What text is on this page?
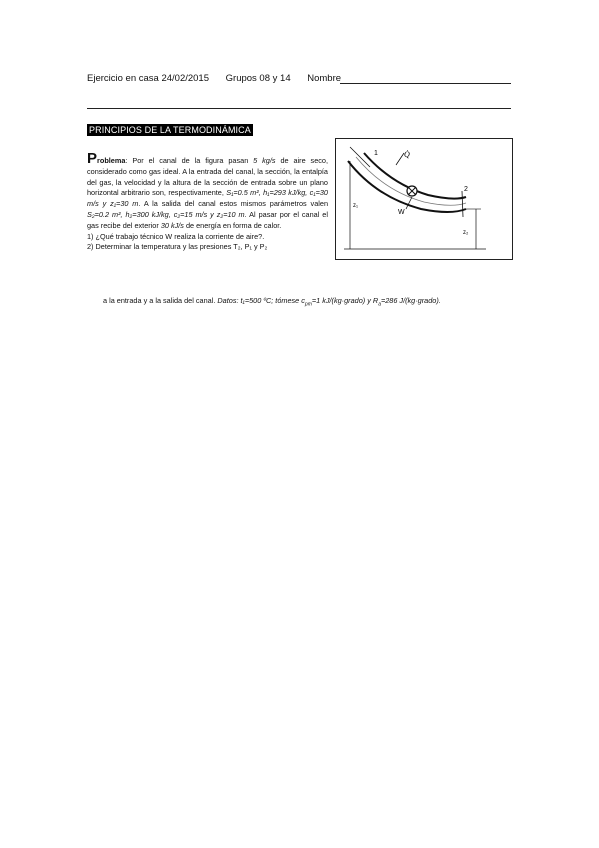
Ejercicio en casa 24/02/2015 Grupos 08 y 14 Nombre
PRINCIPIOS DE LA TERMODINÁMICA
Problema: Por el canal de la figura pasan 5 kg/s de aire seco, considerado como gas ideal. A la entrada del canal, la sección, la entalpía del gas, la velocidad y la altura de la sección de entrada sobre un plano horizontal arbitrario son, respectivamente, S₁=0.5 m², h₁=293 kJ/kg, c₁=30 m/s y z₁=30 m. A la salida del canal estos mismos parámetros valen S₂=0.2 m², h₂=300 kJ/kg, c₂=15 m/s y z₂=10 m. Al pasar por el canal el gas recibe del exterior 30 kJ/s de energía en forma de calor.
1) ¿Qué trabajo técnico W realiza la corriente de aire?.
2) Determinar la temperatura y las presiones T₂, P₁ y P₂
a la entrada y a la salida del canal. Datos: t₁=500 ºC; tómese $c_{pm}=1$ kJ/(kg·grado) y $R_a=286$ J/(kg·grado).
1
2
Q̇
W
z₁
z₂
